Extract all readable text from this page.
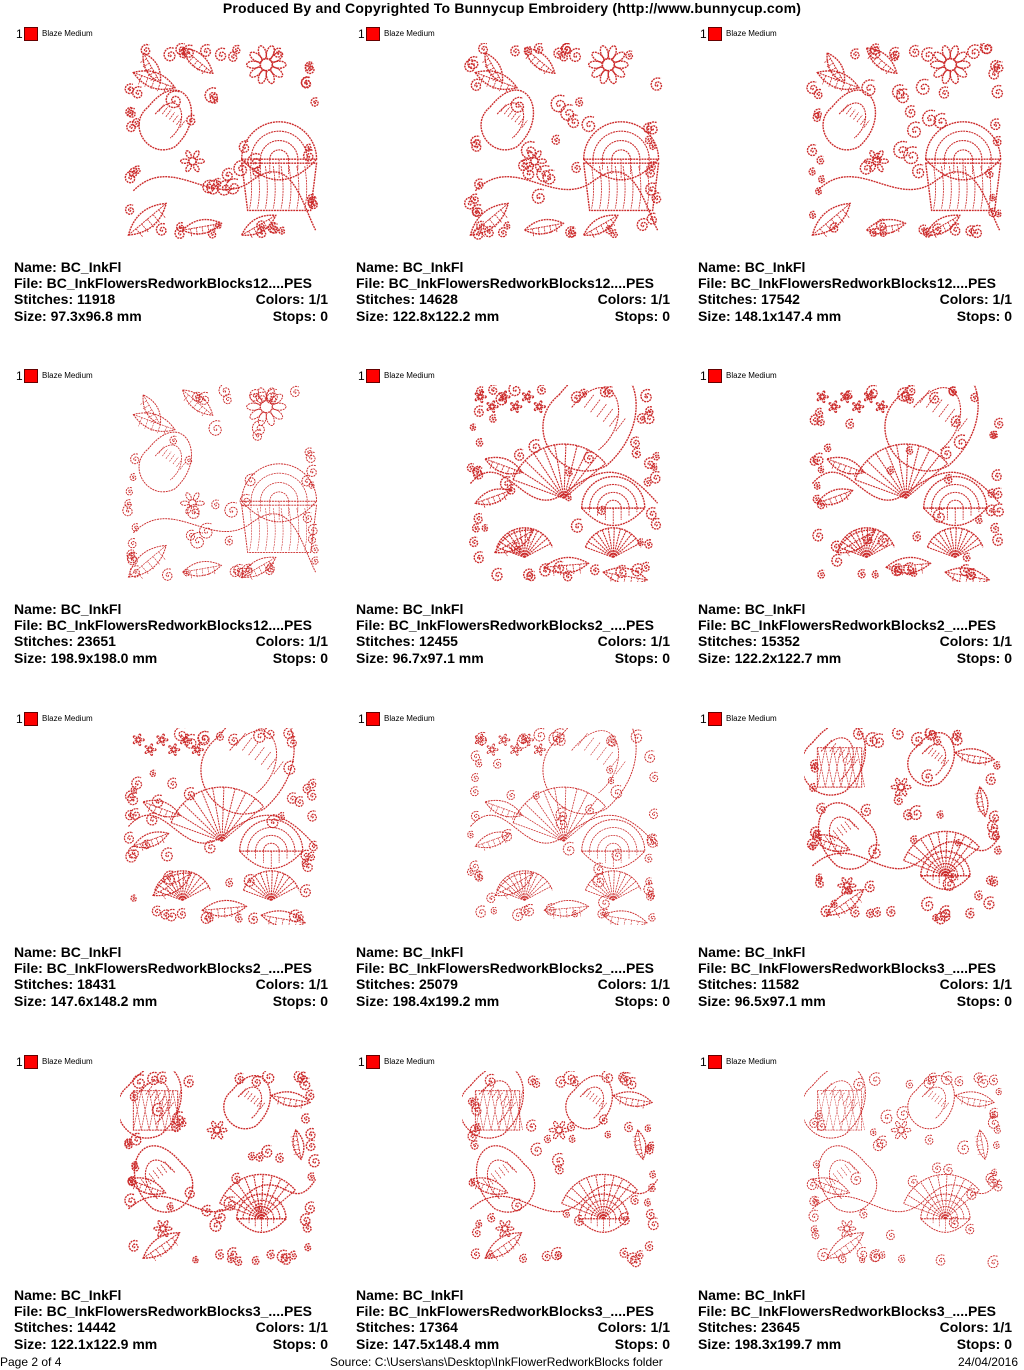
Produced By and Copyrighted To Bunnycup Embroidery (http://www.bunnycup.com)
1 Blaze Medium
Name: BC_InkFl
File: BC_InkFlowersRedworkBlocks12....PES
Stitches: 11918	Colors: 1/1
Size: 97.3x96.8 mm	Stops: 0
1 Blaze Medium
Name: BC_InkFl
File: BC_InkFlowersRedworkBlocks12....PES
Stitches: 14628	Colors: 1/1
Size: 122.8x122.2 mm	Stops: 0
1 Blaze Medium
Name: BC_InkFl
File: BC_InkFlowersRedworkBlocks12....PES
Stitches: 17542	Colors: 1/1
Size: 148.1x147.4 mm	Stops: 0
1 Blaze Medium
Name: BC_InkFl
File: BC_InkFlowersRedworkBlocks12....PES
Stitches: 23651	Colors: 1/1
Size: 198.9x198.0 mm	Stops: 0
1 Blaze Medium
Name: BC_InkFl
File: BC_InkFlowersRedworkBlocks2_....PES
Stitches: 12455	Colors: 1/1
Size: 96.7x97.1 mm	Stops: 0
1 Blaze Medium
Name: BC_InkFl
File: BC_InkFlowersRedworkBlocks2_....PES
Stitches: 15352	Colors: 1/1
Size: 122.2x122.7 mm	Stops: 0
1 Blaze Medium
Name: BC_InkFl
File: BC_InkFlowersRedworkBlocks2_....PES
Stitches: 18431	Colors: 1/1
Size: 147.6x148.2 mm	Stops: 0
1 Blaze Medium
Name: BC_InkFl
File: BC_InkFlowersRedworkBlocks2_....PES
Stitches: 25079	Colors: 1/1
Size: 198.4x199.2 mm	Stops: 0
1 Blaze Medium
Name: BC_InkFl
File: BC_InkFlowersRedworkBlocks3_....PES
Stitches: 11582	Colors: 1/1
Size: 96.5x97.1 mm	Stops: 0
1 Blaze Medium
Name: BC_InkFl
File: BC_InkFlowersRedworkBlocks3_....PES
Stitches: 14442	Colors: 1/1
Size: 122.1x122.9 mm	Stops: 0
1 Blaze Medium
Name: BC_InkFl
File: BC_InkFlowersRedworkBlocks3_....PES
Stitches: 17364	Colors: 1/1
Size: 147.5x148.4 mm	Stops: 0
1 Blaze Medium
Name: BC_InkFl
File: BC_InkFlowersRedworkBlocks3_....PES
Stitches: 23645	Colors: 1/1
Size: 198.3x199.7 mm	Stops: 0
Page 2 of 4	Source: C:\Users\ans\Desktop\InkFlowerRedworkBlocks folder	24/04/2016
